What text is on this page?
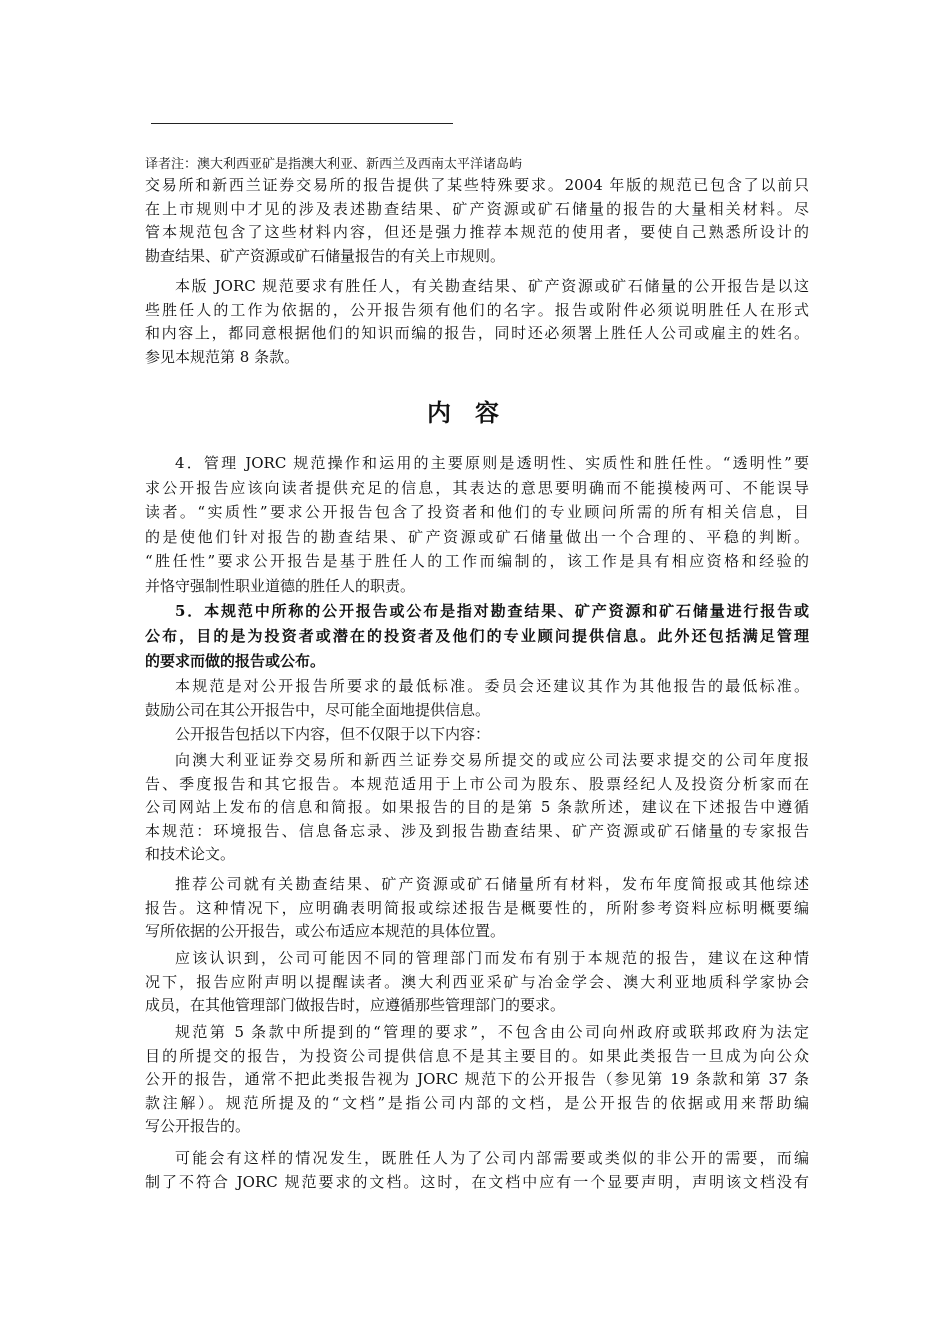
译者注：澳大利西亚矿是指澳大利亚、新西兰及西南太平洋诸岛屿
交易所和新西兰证券交易所的报告提供了某些特殊要求。2004 年版的规范已包含了以前只
在上市规则中才见的涉及表述勘查结果、矿产资源或矿石储量的报告的大量相关材料。尽
管本规范包含了这些材料内容，但还是强力推荐本规范的使用者，要使自己熟悉所设计的
勘查结果、矿产资源或矿石储量报告的有关上市规则。
本版 JORC 规范要求有胜任人，有关勘查结果、矿产资源或矿石储量的公开报告是以这
些胜任人的工作为依据的，公开报告须有他们的名字。报告或附件必须说明胜任人在形式
和内容上，都同意根据他们的知识而编的报告，同时还必须署上胜任人公司或雇主的姓名。
参见本规范第 8 条款。
内容
4．管理 JORC 规范操作和运用的主要原则是透明性、实质性和胜任性。“透明性”要
求公开报告应该向读者提供充足的信息，其表达的意思要明确而不能摸棱两可、不能误导
读者。“实质性”要求公开报告包含了投资者和他们的专业顾问所需的所有相关信息，目
的是使他们针对报告的勘查结果、矿产资源或矿石储量做出一个合理的、平稳的判断。
“胜任性”要求公开报告是基于胜任人的工作而编制的，该工作是具有相应资格和经验的
并恪守强制性职业道德的胜任人的职责。
5．本规范中所称的公开报告或公布是指对勘查结果、矿产资源和矿石储量进行报告或
公布，目的是为投资者或潜在的投资者及他们的专业顾问提供信息。此外还包括满足管理
的要求而做的报告或公布。
本规范是对公开报告所要求的最低标准。委员会还建议其作为其他报告的最低标准。
鼓励公司在其公开报告中，尽可能全面地提供信息。
公开报告包括以下内容，但不仅限于以下内容：
向澳大利亚证券交易所和新西兰证券交易所提交的或应公司法要求提交的公司年度报
告、季度报告和其它报告。本规范适用于上市公司为股东、股票经纪人及投资分析家而在
公司网站上发布的信息和简报。如果报告的目的是第 5 条款所述，建议在下述报告中遵循
本规范：环境报告、信息备忘录、涉及到报告勘查结果、矿产资源或矿石储量的专家报告
和技术论文。
推荐公司就有关勘查结果、矿产资源或矿石储量所有材料，发布年度简报或其他综述
报告。这种情况下，应明确表明简报或综述报告是概要性的，所附参考资料应标明概要编
写所依据的公开报告，或公布适应本规范的具体位置。
应该认识到，公司可能因不同的管理部门而发布有别于本规范的报告，建议在这种情
况下，报告应附声明以提醒读者。澳大利西亚采矿与冶金学会、澳大利亚地质科学家协会
成员，在其他管理部门做报告时，应遵循那些管理部门的要求。
规范第 5 条款中所提到的“管理的要求”，不包含由公司向州政府或联邦政府为法定
目的所提交的报告，为投资公司提供信息不是其主要目的。如果此类报告一旦成为向公众
公开的报告，通常不把此类报告视为 JORC 规范下的公开报告（参见第 19 条款和第 37 条
款注解）。规范所提及的“文档”是指公司内部的文档，是公开报告的依据或用来帮助编
写公开报告的。
可能会有这样的情况发生，既胜任人为了公司内部需要或类似的非公开的需要，而编
制了不符合 JORC 规范要求的文档。这时，在文档中应有一个显要声明，声明该文档没有
